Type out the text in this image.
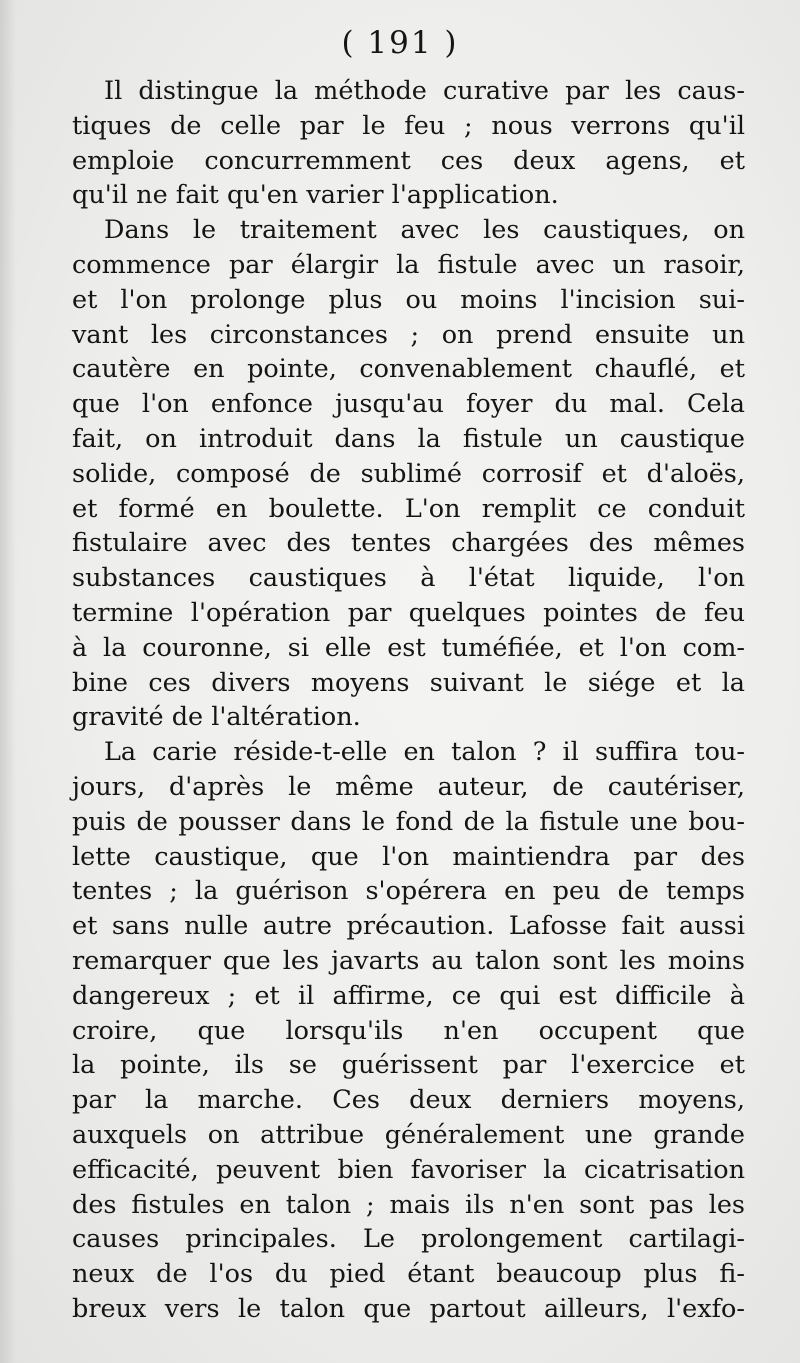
( 191 )
Il distingue la méthode curative par les caus-
tiques de celle par le feu ; nous verrons qu'il
emploie concurremment ces deux agens, et
qu'il ne fait qu'en varier l'application.
Dans le traitement avec les caustiques, on
commence par élargir la fistule avec un rasoir,
et l'on prolonge plus ou moins l'incision sui-
vant les circonstances ; on prend ensuite un
cautère en pointe, convenablement chauflé, et
que l'on enfonce jusqu'au foyer du mal. Cela
fait, on introduit dans la fistule un caustique
solide, composé de sublimé corrosif et d'aloës,
et formé en boulette. L'on remplit ce conduit
fistulaire avec des tentes chargées des mêmes
substances caustiques à l'état liquide, l'on
termine l'opération par quelques pointes de feu
à la couronne, si elle est tuméfiée, et l'on com-
bine ces divers moyens suivant le siége et la
gravité de l'altération.
La carie réside-t-elle en talon ? il suffira tou-
jours, d'après le même auteur, de cautériser,
puis de pousser dans le fond de la fistule une bou-
lette caustique, que l'on maintiendra par des
tentes ; la guérison s'opérera en peu de temps
et sans nulle autre précaution. Lafosse fait aussi
remarquer que les javarts au talon sont les moins
dangereux ; et il affirme, ce qui est difficile à
croire, que lorsqu'ils n'en occupent que
la pointe, ils se guérissent par l'exercice et
par la marche. Ces deux derniers moyens,
auxquels on attribue généralement une grande
efficacité, peuvent bien favoriser la cicatrisation
des fistules en talon ; mais ils n'en sont pas les
causes principales. Le prolongement cartilagi-
neux de l'os du pied étant beaucoup plus fi-
breux vers le talon que partout ailleurs, l'exfo-
